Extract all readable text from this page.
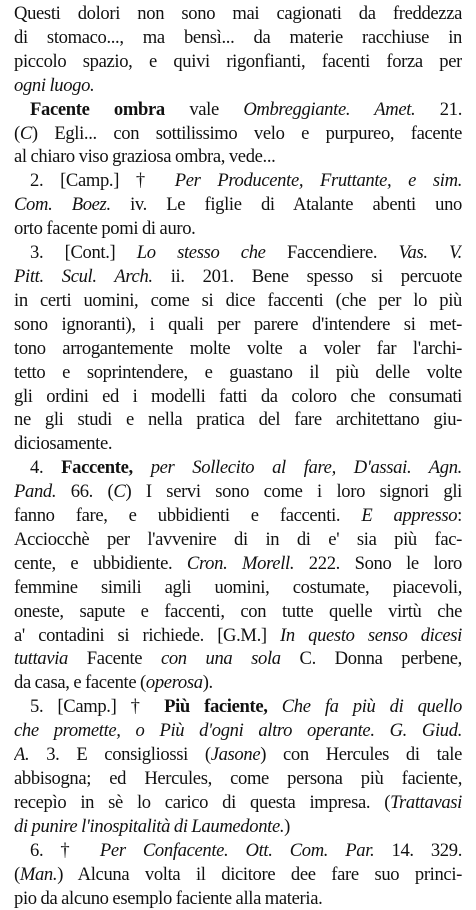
Questi dolori non sono mai cagionati da freddezza
di stomaco..., ma bensì... da materie racchiuse in
piccolo spazio, e quivi rigonfianti, facenti forza per
ogni luogo.
Facente ombra vale Ombreggiante. Amet. 21.
(C) Egli... con sottilissimo velo e purpureo, facente
al chiaro viso graziosa ombra, vede...
2. [Camp.] † Per Producente, Fruttante, e sim.
Com. Boez. iv. Le figlie di Atalante abenti uno
orto facente pomi di auro.
3. [Cont.] Lo stesso che Faccendiere. Vas. V.
Pitt. Scul. Arch. ii. 201. Bene spesso si percuote
in certi uomini, come si dice faccenti (che per lo più
sono ignoranti), i quali per parere d'intendere si met-
tono arrogantemente molte volte a voler far l'archi-
tetto e soprintendere, e guastano il più delle volte
gli ordini ed i modelli fatti da coloro che consumati
ne gli studi e nella pratica del fare architettano giu-
diciosamente.
4. Faccente, per Sollecito al fare, D'assai. Agn.
Pand. 66. (C) I servi sono come i loro signori gli
fanno fare, e ubbidienti e faccenti. E appresso:
Acciocchè per l'avvenire di in di e' sia più fac-
cente, e ubbidiente. Cron. Morell. 222. Sono le loro
femmine simili agli uomini, costumate, piacevoli,
oneste, sapute e faccenti, con tutte quelle virtù che
a' contadini si richiede. [G.M.] In questo senso dicesi
tuttavia Facente con una sola C. Donna perbene,
da casa, e facente (operosa).
5. [Camp.] † Più faciente, Che fa più di quello
che promette, o Più d'ogni altro operante. G. Giud.
A. 3. E consiglioss​i (Jasone) con Hercules di tale
abbisogna; ed Hercules, come persona più faciente,
recepìo in sè lo carico di questa impresa. (Trattavasi
di punire l'inospitalità di Laumedonte.)
6. † Per Confacente. Ott. Com. Par. 14. 329.
(Man.) Alcuna volta il dicitore dee fare suo princi-
pio da alcuno esemplo faciente alla materia.
